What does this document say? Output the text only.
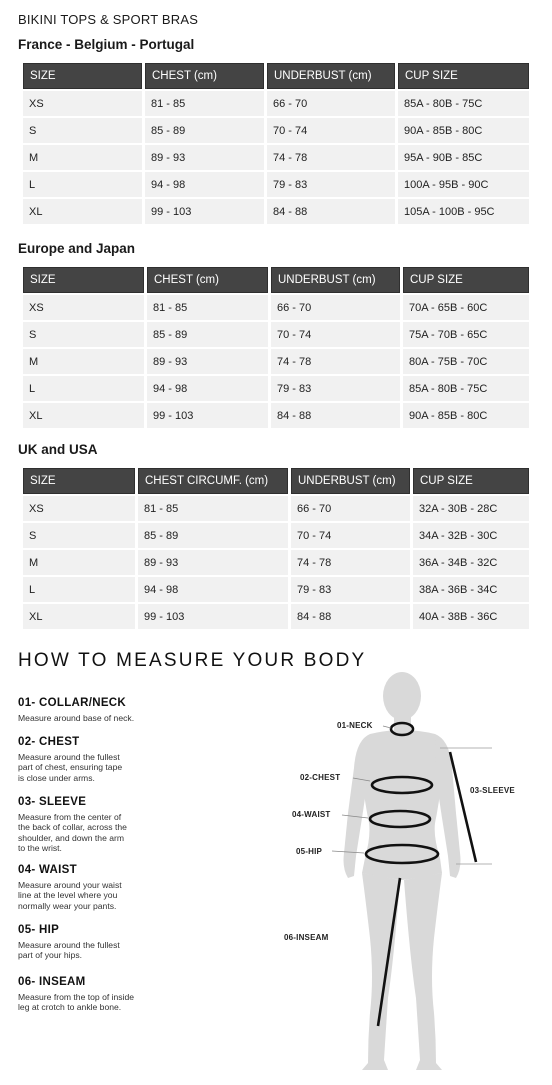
BIKINI TOPS & SPORT BRAS
France - Belgium - Portugal
SIZE	CHEST (cm)	UNDERBUST (cm)	CUP SIZE
XS	81 - 85	66 - 70	85A - 80B - 75C
S	85 - 89	70 - 74	90A - 85B - 80C
M	89 - 93	74 - 78	95A - 90B - 85C
L	94 - 98	79 - 83	100A - 95B - 90C
XL	99 - 103	84 - 88	105A - 100B - 95C
Europe and Japan
SIZE	CHEST (cm)	UNDERBUST (cm)	CUP SIZE
XS	81 - 85	66 - 70	70A - 65B - 60C
S	85 - 89	70 - 74	75A - 70B - 65C
M	89 - 93	74 - 78	80A - 75B - 70C
L	94 - 98	79 - 83	85A - 80B - 75C
XL	99 - 103	84 - 88	90A - 85B - 80C
UK and USA
SIZE	CHEST CIRCUMF. (cm)	UNDERBUST (cm)	CUP SIZE
XS	81 - 85	66 - 70	32A - 30B - 28C
S	85 - 89	70 - 74	34A - 32B - 30C
M	89 - 93	74 - 78	36A - 34B - 32C
L	94 - 98	79 - 83	38A - 36B - 34C
XL	99 - 103	84 - 88	40A - 38B - 36C
HOW TO MEASURE YOUR BODY
01- COLLAR/NECK
Measure around base of neck.
02- CHEST
Measure around the fullest
part of chest, ensuring tape
is close under arms.
03- SLEEVE
Measure from the center of
the back of collar, across the
shoulder, and down the arm
to the wrist.
04- WAIST
Measure around your waist
line at the level where you
normally wear your pants.
05- HIP
Measure around the fullest
part of your hips.
06- INSEAM
Measure from the top of inside
leg at crotch to ankle bone.
01-NECK
02-CHEST
04-WAIST
05-HIP
03-SLEEVE
06-INSEAM
